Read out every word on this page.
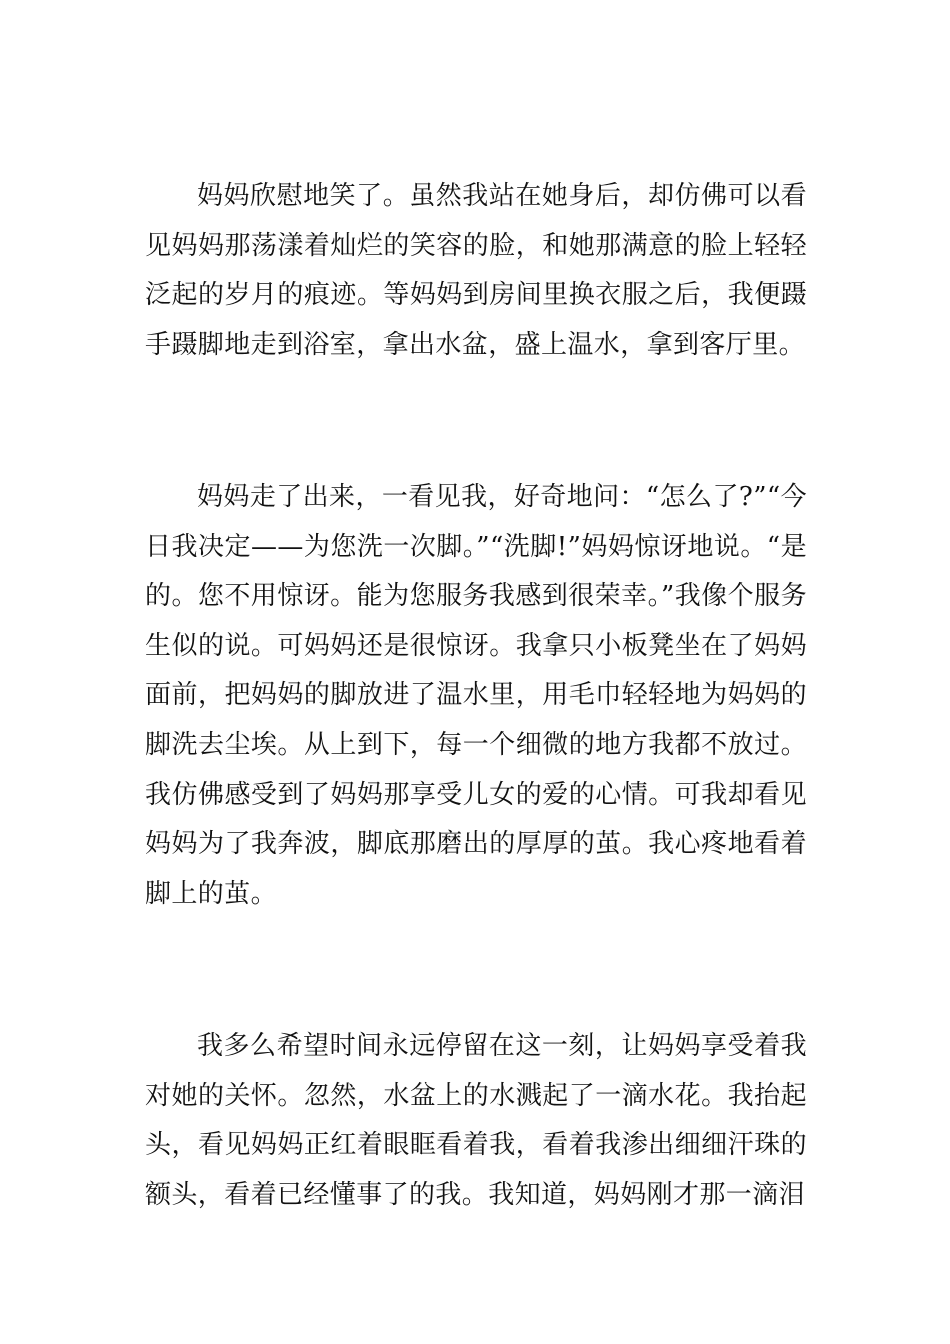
妈妈欣慰地笑了。虽然我站在她身后，却仿佛可以看见妈妈那荡漾着灿烂的笑容的脸，和她那满意的脸上轻轻泛起的岁月的痕迹。等妈妈到房间里换衣服之后，我便蹑手蹑脚地走到浴室，拿出水盆，盛上温水，拿到客厅里。

妈妈走了出来，一看见我，好奇地问：“怎么了?”“今日我决定——为您洗一次脚。”“洗脚!”妈妈惊讶地说。“是的。您不用惊讶。能为您服务我感到很荣幸。”我像个服务生似的说。可妈妈还是很惊讶。我拿只小板凳坐在了妈妈面前，把妈妈的脚放进了温水里，用毛巾轻轻地为妈妈的脚洗去尘埃。从上到下，每一个细微的地方我都不放过。我仿佛感受到了妈妈那享受儿女的爱的心情。可我却看见妈妈为了我奔波，脚底那磨出的厚厚的茧。我心疼地看着脚上的茧。

我多么希望时间永远停留在这一刻，让妈妈享受着我对她的关怀。忽然，水盆上的水溅起了一滴水花。我抬起头，看见妈妈正红着眼眶看着我，看着我渗出细细汗珠的额头，看着已经懂事了的我。我知道，妈妈刚才那一滴泪
